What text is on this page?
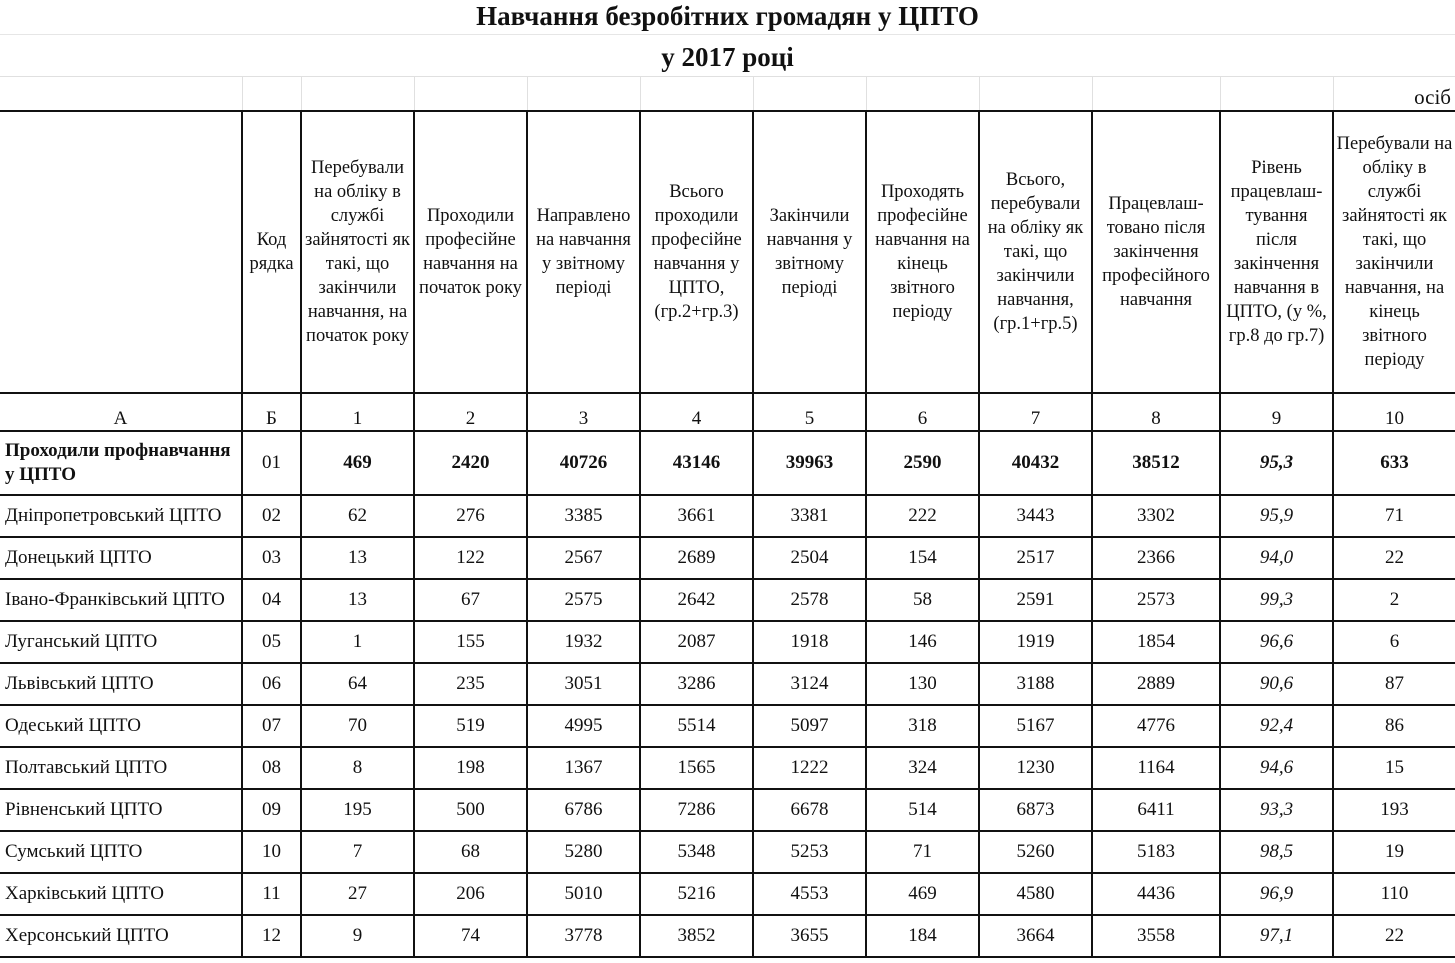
Навчання безробітних громадян у ЦПТО
у 2017 році
											осіб
	Код рядка	Перебували на обліку в службі зайнятості як такі, що закінчили навчання, на початок року	Проходили професійне навчання на початок року	Направлено на навчання у звітному періоді	Всього проходили професійне навчання у ЦПТО, (гр.2+гр.3)	Закінчили навчання у звітному періоді	Проходять професійне навчання на кінець звітного періоду	Всього, перебували на обліку як такі, що закінчили навчання, (гр.1+гр.5)	Працевлаш-товано після закінчення професійного навчання	Рівень працевлаш-тування після закінчення навчання в ЦПТО, (у %, гр.8 до гр.7)	Перебували на обліку в службі зайнятості як такі, що закінчили навчання, на кінець звітного періоду
А	Б	1	2	3	4	5	6	7	8	9	10
Проходили профнавчання у ЦПТО	01	469	2420	40726	43146	39963	2590	40432	38512	95,3	633
Дніпропетровський ЦПТО	02	62	276	3385	3661	3381	222	3443	3302	95,9	71
Донецький ЦПТО	03	13	122	2567	2689	2504	154	2517	2366	94,0	22
Івано-Франківський ЦПТО	04	13	67	2575	2642	2578	58	2591	2573	99,3	2
Луганський ЦПТО	05	1	155	1932	2087	1918	146	1919	1854	96,6	6
Львівський ЦПТО	06	64	235	3051	3286	3124	130	3188	2889	90,6	87
Одеський ЦПТО	07	70	519	4995	5514	5097	318	5167	4776	92,4	86
Полтавський ЦПТО	08	8	198	1367	1565	1222	324	1230	1164	94,6	15
Рівненський ЦПТО	09	195	500	6786	7286	6678	514	6873	6411	93,3	193
Сумський ЦПТО	10	7	68	5280	5348	5253	71	5260	5183	98,5	19
Харківський ЦПТО	11	27	206	5010	5216	4553	469	4580	4436	96,9	110
Херсонський ЦПТО	12	9	74	3778	3852	3655	184	3664	3558	97,1	22
